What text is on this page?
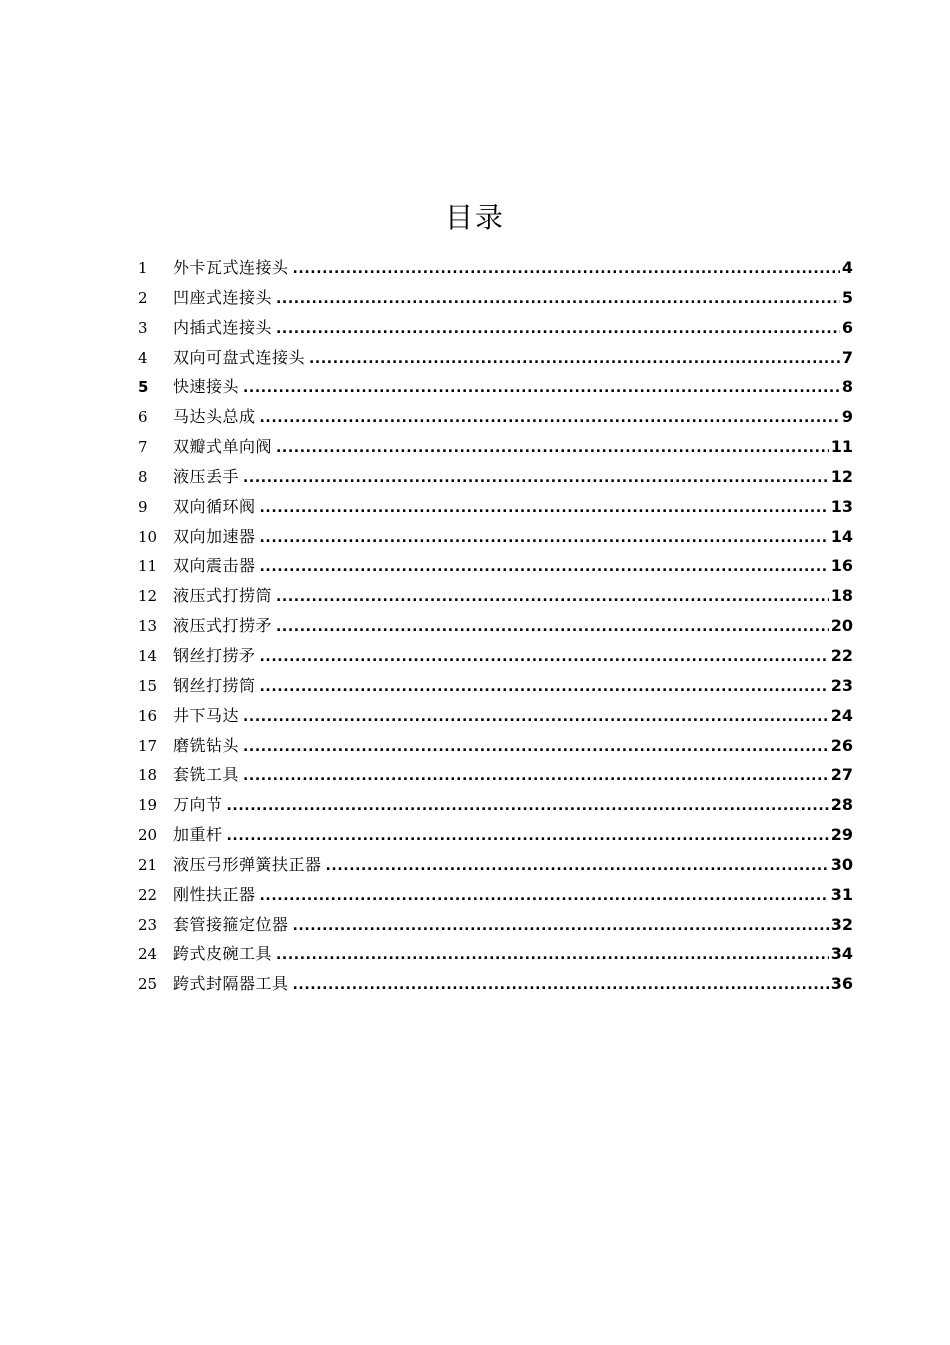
目录
1	外卡瓦式连接头 .....	4
2	凹座式连接头 .....	5
3	内插式连接头 .....	6
4	双向可盘式连接头 .....	7
5	快速接头 .....	8
6	马达头总成 .....	9
7	双瓣式单向阀 .....	11
8	液压丢手 .....	12
9	双向循环阀 .....	13
10 双向加速器 .....	14
11 双向震击器 .....	16
12 液压式打捞筒 .....	18
13 液压式打捞矛 .....	20
14 钢丝打捞矛 .....	22
15 钢丝打捞筒 .....	23
16 井下马达 .....	24
17 磨铣钻头 .....	26
18 套铣工具 .....	27
19 万向节 .....	28
20 加重杆 .....	29
21 液压弓形弹簧扶正器 .....	30
22 刚性扶正器 .....	31
23 套管接箍定位器 .....	32
24 跨式皮碗工具 .....	34
25 跨式封隔器工具 .....	36
